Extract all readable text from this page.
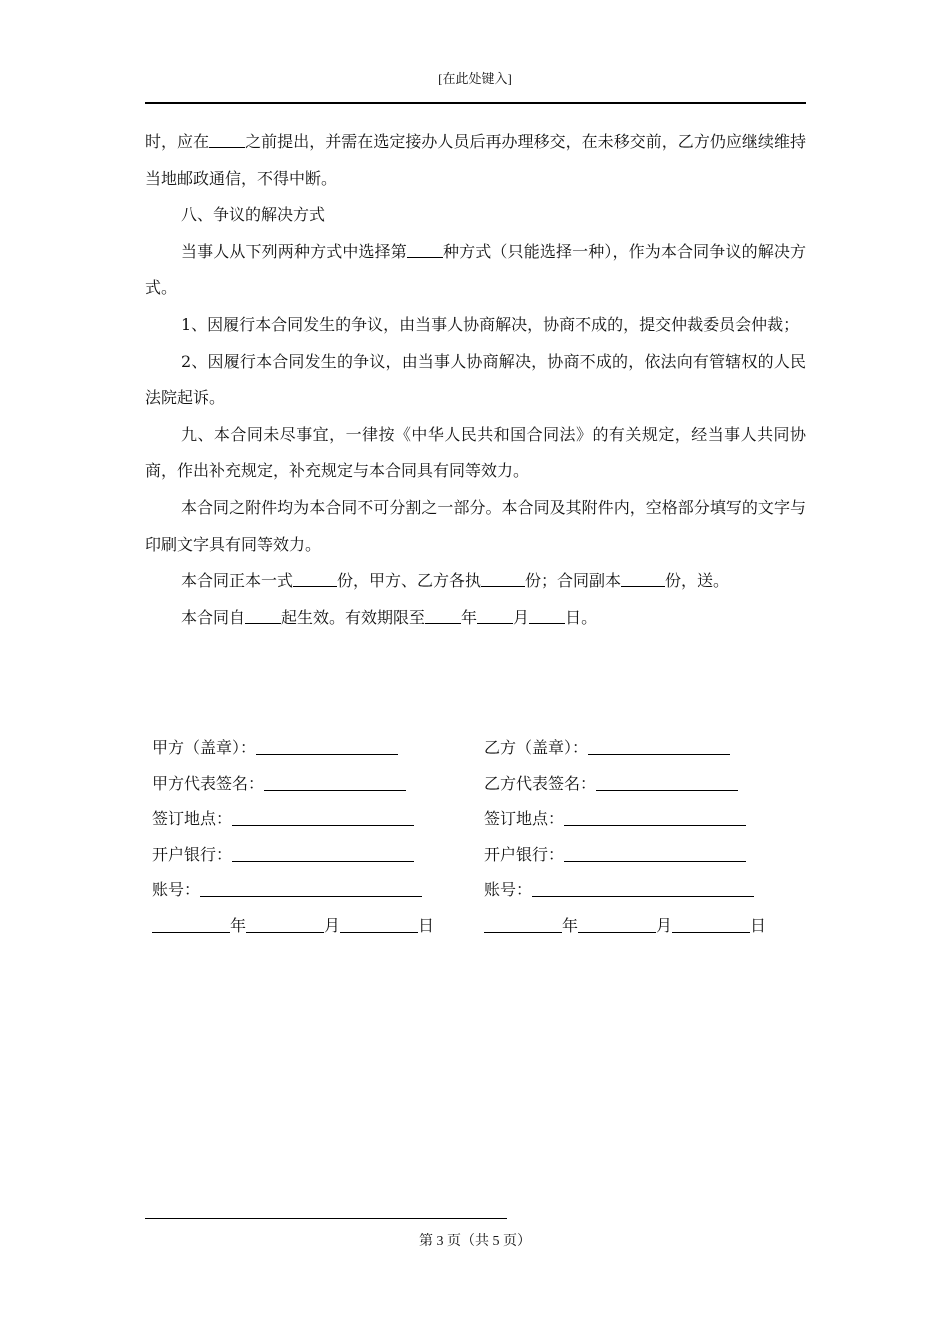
[在此处键入]

时，应在 之前提出，并需在选定接办人员后再办理移交，在未移交前，乙方仍应继续维持当地邮政通信，不得中断。

八、争议的解决方式

当事人从下列两种方式中选择第 种方式（只能选择一种），作为本合同争议的解决方式。

1、因履行本合同发生的争议，由当事人协商解决，协商不成的，提交仲裁委员会仲裁；

2、因履行本合同发生的争议，由当事人协商解决，协商不成的，依法向有管辖权的人民法院起诉。

九、本合同未尽事宜，一律按《中华人民共和国合同法》的有关规定，经当事人共同协商，作出补充规定，补充规定与本合同具有同等效力。

本合同之附件均为本合同不可分割之一部分。本合同及其附件内，空格部分填写的文字与印刷文字具有同等效力。

本合同正本一式	份，甲方、乙方各执	份；合同副本	份，送。

本合同自 起生效。有效期限至 年 月 日。

甲方（盖章）：	乙方（盖章）：
甲方代表签名：	乙方代表签名：
签订地点：	签订地点：
开户银行：	开户银行：
账号：	账号：
年	月	日	年	月	日
第 3 页（共 5 页）
